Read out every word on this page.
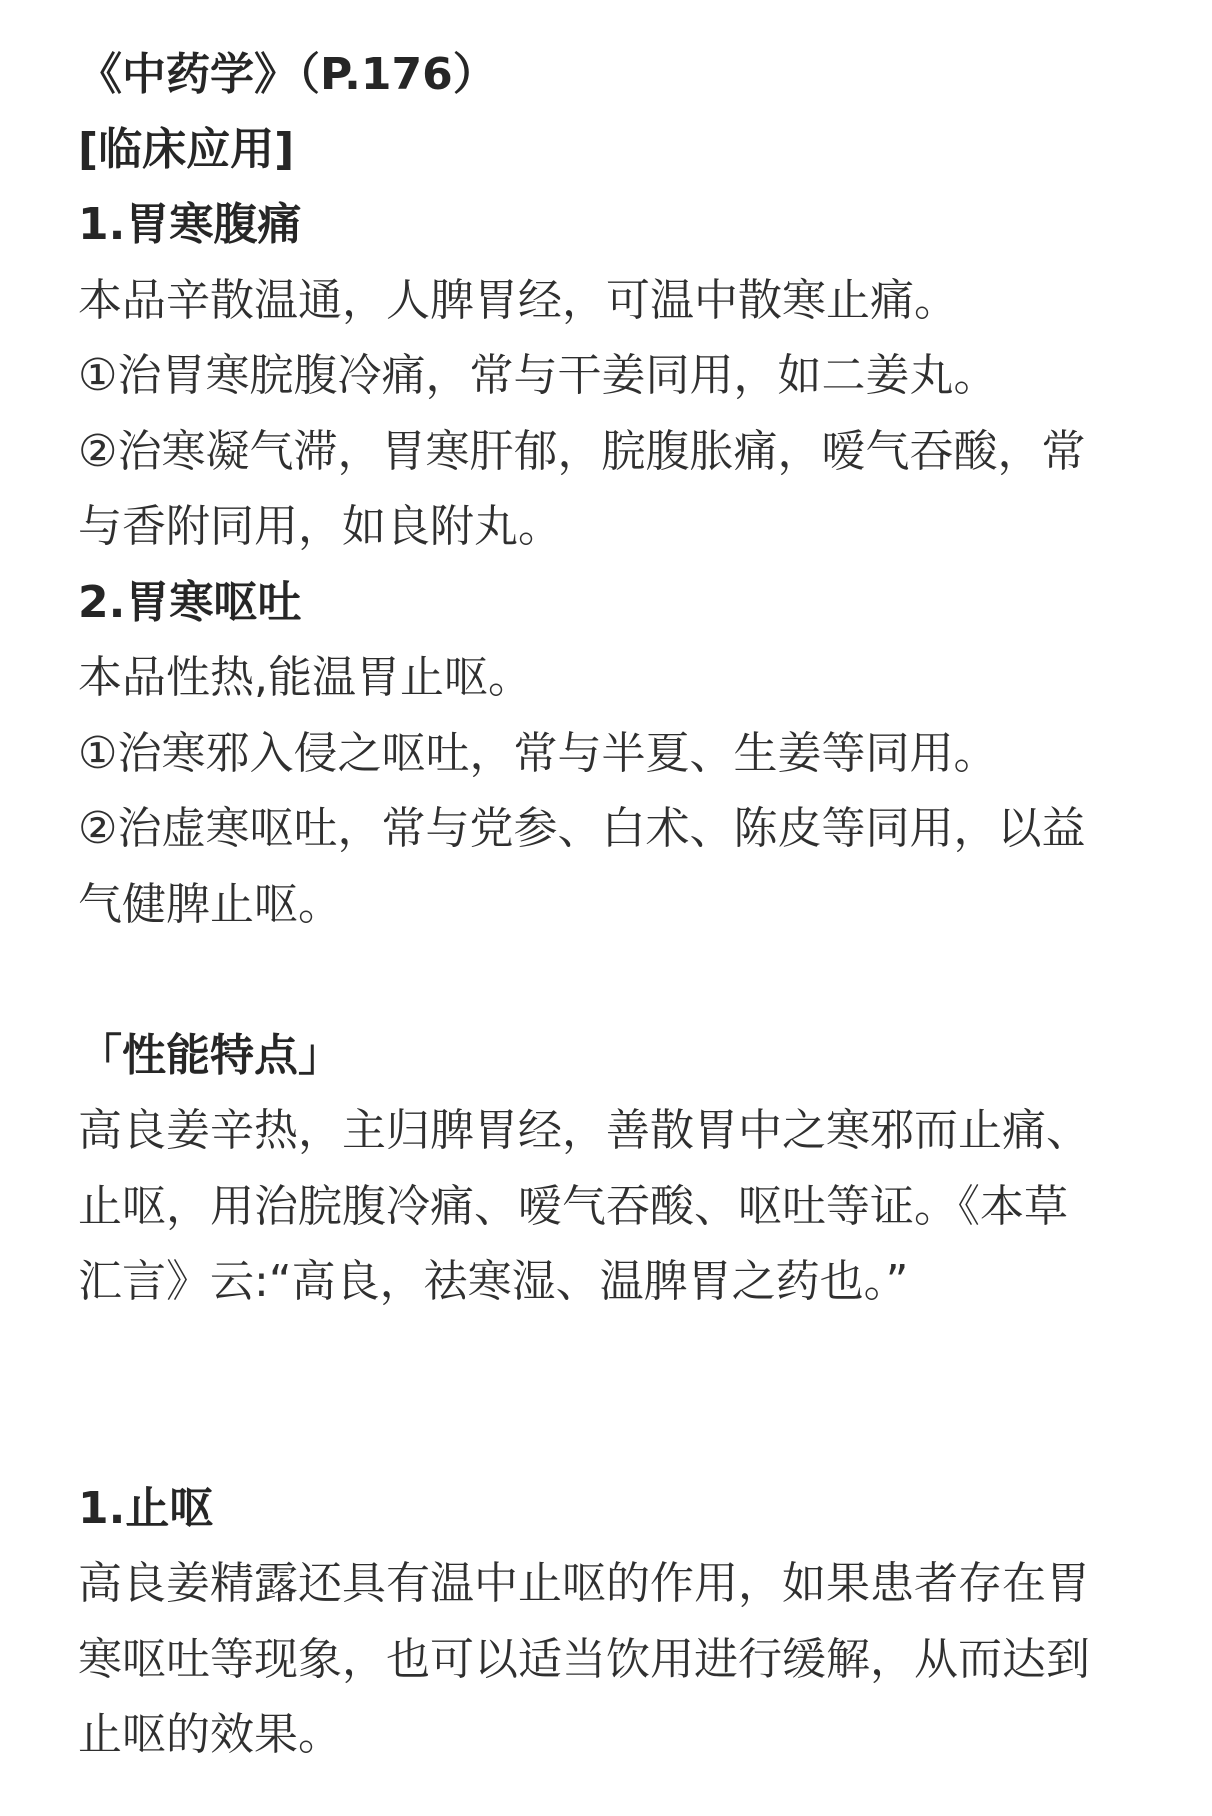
《中药学》（P.176）
[临床应用]
1.胃寒腹痛
本品辛散温通，人脾胃经，可温中散寒止痛。
①治胃寒脘腹冷痛，常与干姜同用，如二姜丸。
②治寒凝气滞，胃寒肝郁，脘腹胀痛，嗳气吞酸，常
与香附同用，如良附丸。
2.胃寒呕吐
本品性热,能温胃止呕。
①治寒邪入侵之呕吐，常与半夏、生姜等同用。
②治虚寒呕吐，常与党参、白术、陈皮等同用，以益
气健脾止呕。
「性能特点」
高良姜辛热，主归脾胃经，善散胃中之寒邪而止痛、
止呕，用治脘腹冷痛、嗳气吞酸、呕吐等证。《本草
汇言》云:“高良，祛寒湿、温脾胃之药也。”
1.止呕
高良姜精露还具有温中止呕的作用，如果患者存在胃
寒呕吐等现象，也可以适当饮用进行缓解，从而达到
止呕的效果。
